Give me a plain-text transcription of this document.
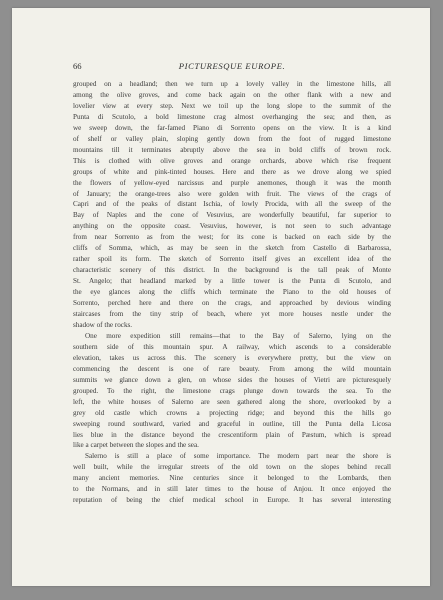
66	PICTURESQUE EUROPE.
grouped on a headland; then we turn up a lovely valley in the limestone hills, all
among the olive groves, and come back again on the other flank with a new and
lovelier view at every step. Next we toil up the long slope to the summit of the
Punta di Scutolo, a bold limestone crag almost overhanging the sea; and then, as
we sweep down, the far-famed Piano di Sorrento opens on the view. It is a kind
of shelf or valley plain, sloping gently down from the foot of rugged limestone
mountains till it terminates abruptly above the sea in bold cliffs of brown rock.
This is clothed with olive groves and orange orchards, above which rise frequent
groups of white and pink-tinted houses. Here and there as we drove along we spied
the flowers of yellow-eyed narcissus and purple anemones, though it was the month
of January; the orange-trees also were golden with fruit. The views of the crags of
Capri and of the peaks of distant Ischia, of lowly Procida, with all the sweep of the
Bay of Naples and the cone of Vesuvius, are wonderfully beautiful, far superior to
anything on the opposite coast. Vesuvius, however, is not seen to such advantage
from near Sorrento as from the west; for its cone is backed on each side by the
cliffs of Somma, which, as may be seen in the sketch from Castello di Barbarossa,
rather spoil its form. The sketch of Sorrento itself gives an excellent idea of the
characteristic scenery of this district. In the background is the tall peak of Monte
St. Angelo; that headland marked by a little tower is the Punta di Scutolo, and
the eye glances along the cliffs which terminate the Piano to the old houses of
Sorrento, perched here and there on the crags, and approached by devious winding
staircases from the tiny strip of beach, where yet more houses nestle under the
shadow of the rocks.
One more expedition still remains—that to the Bay of Salerno, lying on the
southern side of this mountain spur. A railway, which ascends to a considerable
elevation, takes us across this. The scenery is everywhere pretty, but the view on
commencing the descent is one of rare beauty. From among the wild mountain
summits we glance down a glen, on whose sides the houses of Vietri are picturesquely
grouped. To the right, the limestone crags plunge down towards the sea. To the
left, the white houses of Salerno are seen gathered along the shore, overlooked by a
grey old castle which crowns a projecting ridge; and beyond this the hills go
sweeping round southward, varied and graceful in outline, till the Punta della Licosa
lies blue in the distance beyond the crescentiform plain of Pæstum, which is spread
like a carpet between the slopes and the sea.
Salerno is still a place of some importance. The modern part near the shore is
well built, while the irregular streets of the old town on the slopes behind recall
many ancient memories. Nine centuries since it belonged to the Lombards, then
to the Normans, and in still later times to the house of Anjou. It once enjoyed the
reputation of being the chief medical school in Europe. It has several interesting
